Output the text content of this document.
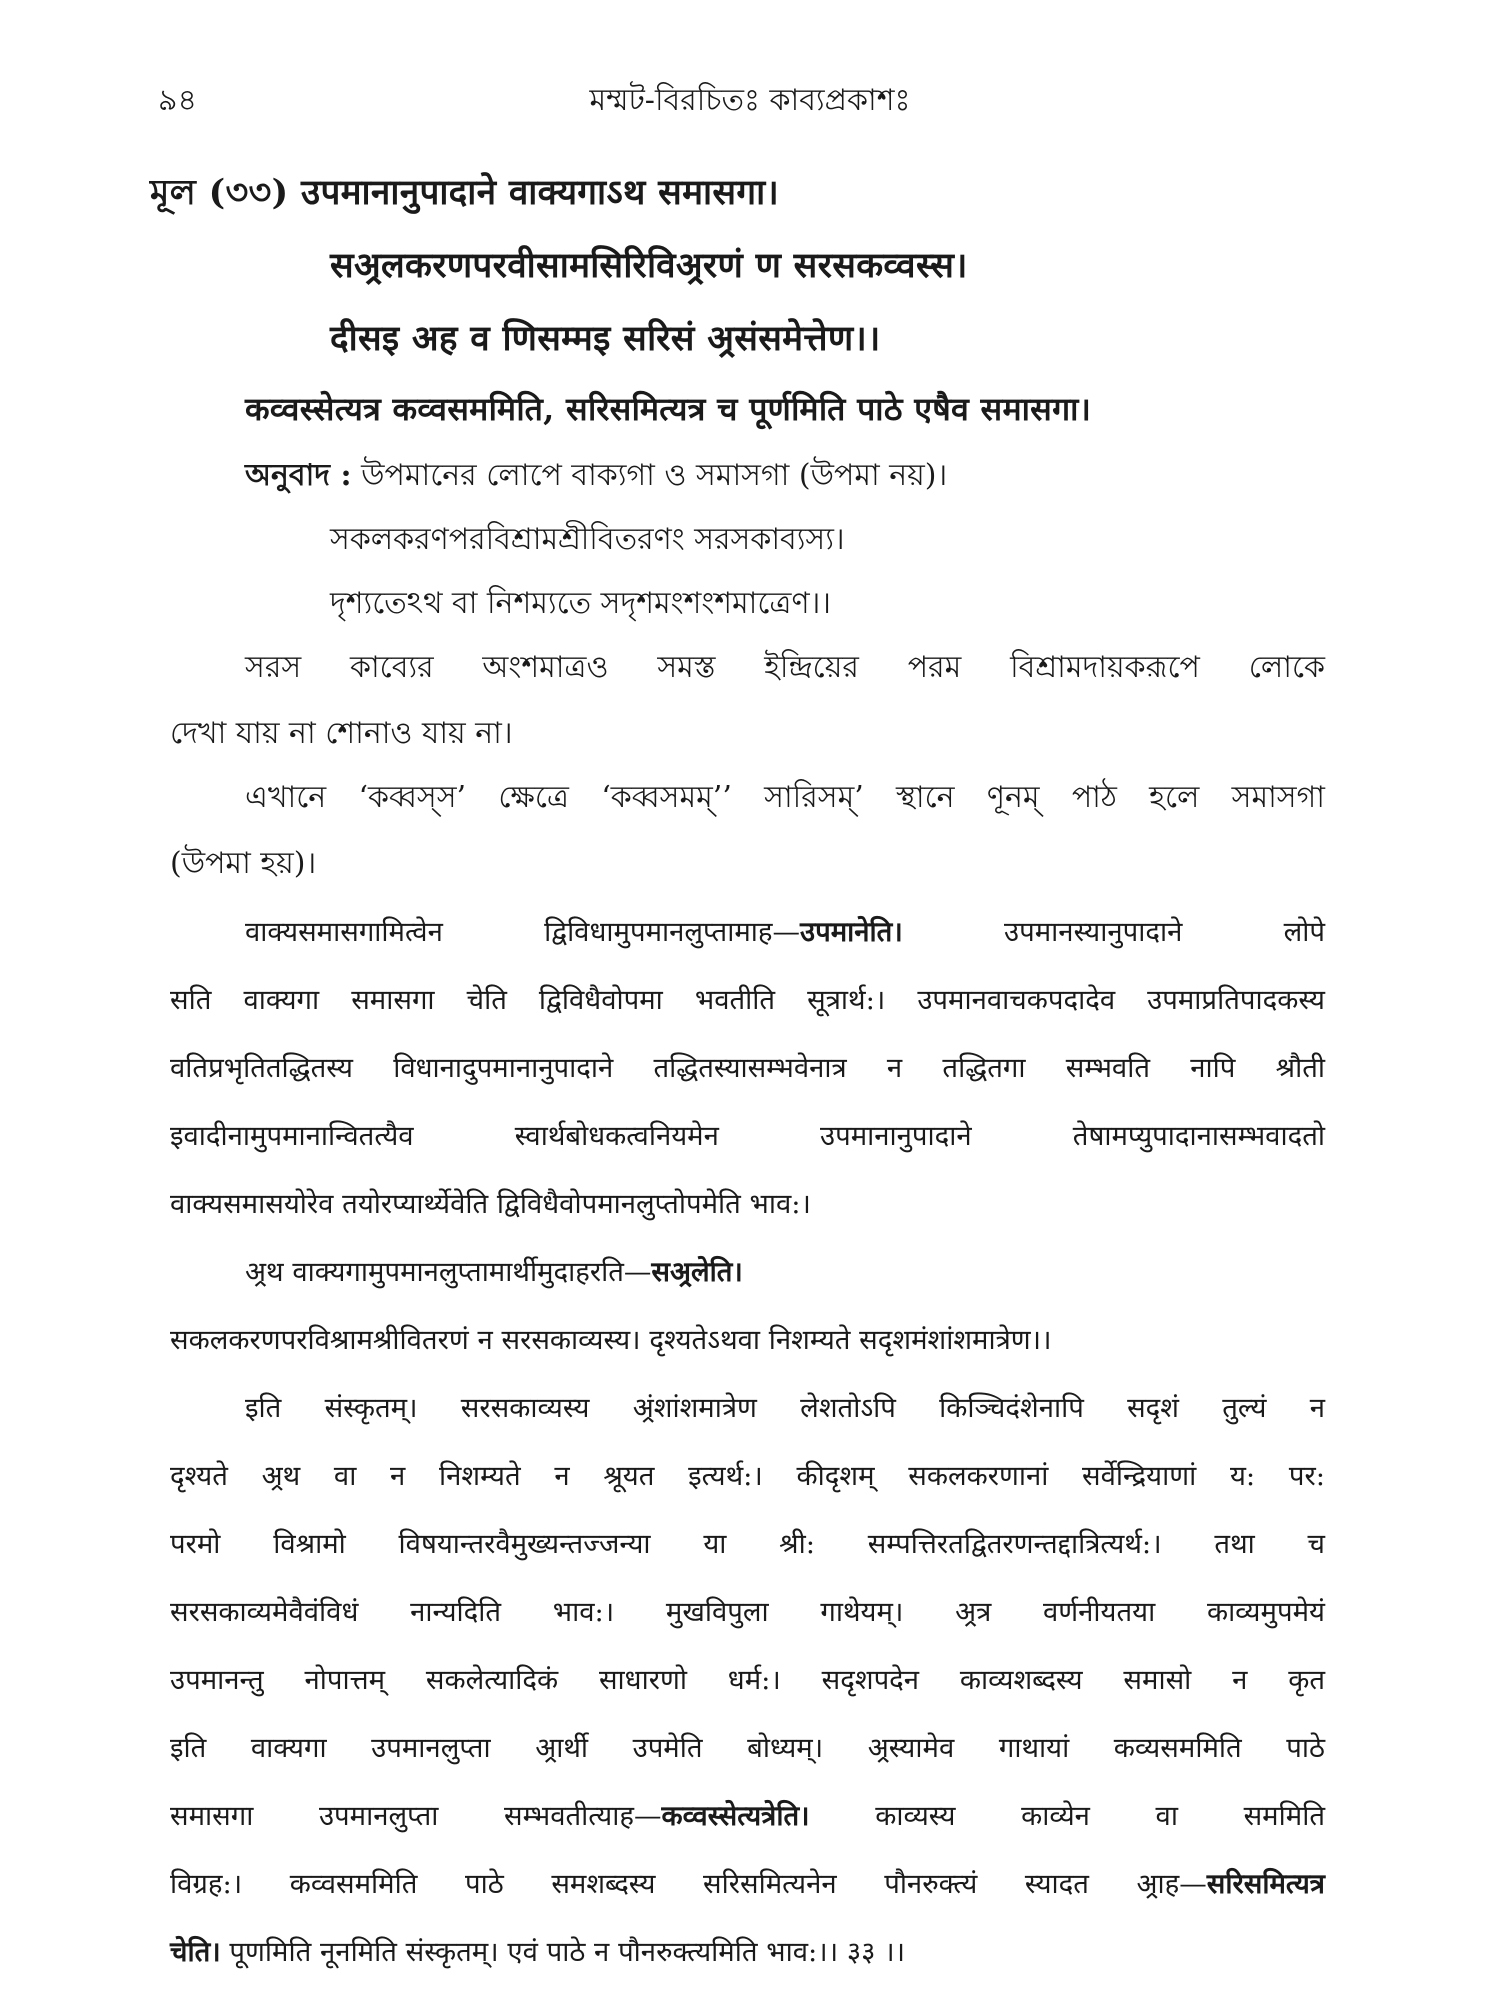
৯৪	মম্মট-বিরচিতঃ কাব্যপ্রকাশঃ
মূল (৩৩) उपमानानुपादाने वाक्यगाऽथ समासगा।
सअ्रलकरणपरवीसामसिरिविअ्ररणं ण सरसकव्वस्स।
दीसइ अह व णिसम्मइ सरिसं अ्रसंसमेत्तेण।।
कव्वस्सेत्यत्र कव्वसममिति, सरिसमित्यत्र च पूर्णमिति पाठे एषैव समासगा।
অনুবাদ : উপমানের লোপে বাক্যগা ও সমাসগা (উপমা নয়)।
সকলকরণপরবিশ্রামশ্রীবিতরণং সরসকাব্যস্য।
দৃশ্যতেঽথ বা নিশম্যতে সদৃশমংশংশমাত্রেণ।।
সরস কাব্যের অংশমাত্রও সমস্ত ইন্দ্রিয়ের পরম বিশ্রামদায়করূপে লোকে
দেখা যায় না শোনাও যায় না।
এখানে ‘কব্বস্‌স’ ক্ষেত্রে ‘কব্বসমম্’’ সারিসম্’ স্থানে ণূনম্ পাঠ হলে সমাসগা
(উপমা হয়)।
वाक्यसमासगामित्वेन द्विविधामुपमानलुप्तामाह—उपमानेति। उपमानस्यानुपादाने लोपे
सति वाक्यगा समासगा चेति द्विविधैवोपमा भवतीति सूत्रार्थ:। उपमानवाचकपदादेव उपमाप्रतिपादकस्य
वतिप्रभृतितद्धितस्य विधानादुपमानानुपादाने तद्धितस्यासम्भवेनात्र न तद्धितगा सम्भवति नापि श्रौती
इवादीनामुपमानान्वितत्यैव स्वार्थबोधकत्वनियमेन उपमानानुपादाने तेषामप्युपादानासम्भवादतो
वाक्यसमासयोरेव तयोरप्यार्थ्येवेति द्विविधैवोपमानलुप्तोपमेति भाव:।
अ्रथ वाक्यगामुपमानलुप्तामार्थीमुदाहरति—सअ्रलेति।
सकलकरणपरविश्रामश्रीवितरणं न सरसकाव्यस्य। दृश्यतेऽथवा निशम्यते सदृशमंशांशमात्रेण।।
इति संस्कृतम्। सरसकाव्यस्य अ्रंशांशमात्रेण लेशतोऽपि किञ्चिदंशेनापि सदृशं तुल्यं न
दृश्यते अ्रथ वा न निशम्यते न श्रूयत इत्यर्थ:। कीदृशम् सकलकरणानां सर्वेन्द्रियाणां य: पर:
परमो विश्रामो विषयान्तरवैमुख्यन्तज्जन्या या श्री: सम्पत्तिरतद्वितरणन्तद्दात्रित्यर्थ:। तथा च
सरसकाव्यमेवैवंविधं नान्यदिति भाव:। मुखविपुला गाथेयम्। अ्रत्र वर्णनीयतया काव्यमुपमेयं
उपमानन्तु नोपात्तम् सकलेत्यादिकं साधारणो धर्म:। सदृशपदेन काव्यशब्दस्य समासो न कृत
इति वाक्यगा उपमानलुप्ता अ्रार्थी उपमेति बोध्यम्। अ्रस्यामेव गाथायां कव्यसममिति पाठे
समासगा उपमानलुप्ता सम्भवतीत्याह—कव्वस्सेत्यत्रेति। काव्यस्य काव्येन वा सममिति
विग्रह:। कव्वसममिति पाठे समशब्दस्य सरिसमित्यनेन पौनरुक्त्यं स्यादत अ्राह—सरिसमित्यत्र
चेति। पूणमिति नूनमिति संस्कृतम्। एवं पाठे न पौनरुक्त्यमिति भाव:।। ३३ ।।
